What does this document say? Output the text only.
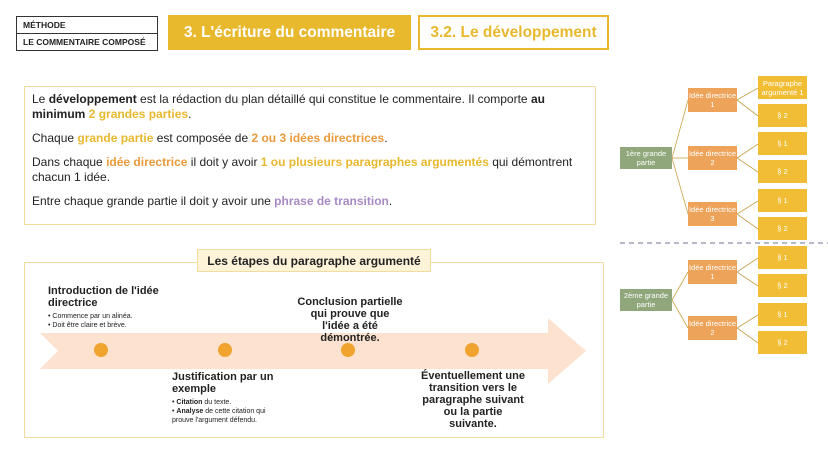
MÉTHODE
LE COMMENTAIRE COMPOSÉ
3. L'écriture du commentaire	3.2. Le développement

Le développement est la rédaction du plan détaillé qui constitue le commentaire. Il comporte au minimum 2 grandes parties.

Chaque grande partie est composée de 2 ou 3 idées directrices.

Dans chaque idée directrice il doit y avoir 1 ou plusieurs paragraphes argumentés qui démontrent chacun 1 idée.

Entre chaque grande partie il doit y avoir une phrase de transition.

Les étapes du paragraphe argumenté
Introduction de l'idée directrice
• Commence par un alinéa.
• Doit être claire et brève.
Justification par un exemple
• Citation du texte.
• Analyse de cette citation qui prouve l'argument défendu.
Conclusion partielle qui prouve que l'idée a été démontrée.
Éventuellement une transition vers le paragraphe suivant ou la partie suivante.
1ère grande partie
2ème grande partie
Idée directrice 1
Idée directrice 2
Idée directrice 3
Idée directrice 1
Idée directrice 2
Paragraphe argumenté 1
§ 2
§ 1
§ 2
§ 1
§ 2
§ 1
§ 2
§ 1
§ 2
